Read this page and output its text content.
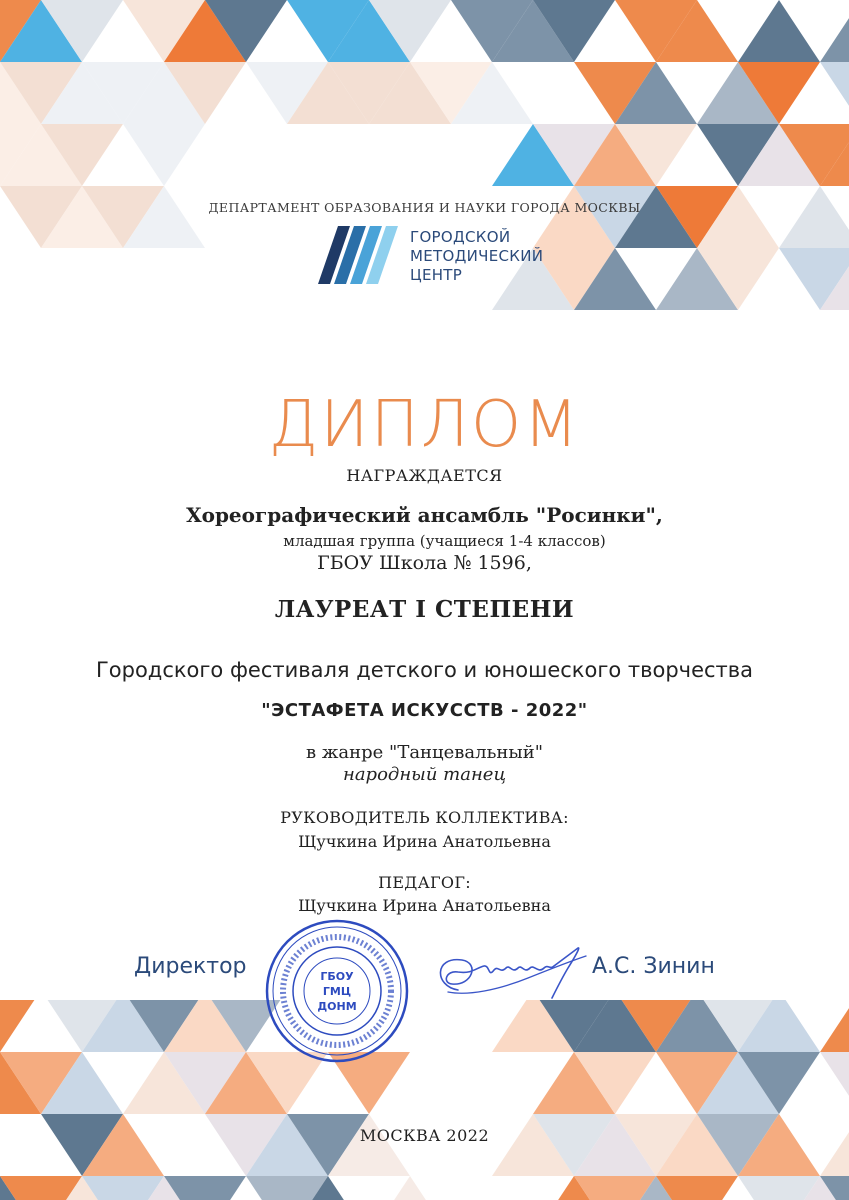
ДЕПАРТАМЕНТ ОБРАЗОВАНИЯ И НАУКИ ГОРОДА МОСКВЫ
ГОРОДСКОЙ
МЕТОДИЧЕСКИЙ
ЦЕНТР
ДИПЛОМ
НАГРАЖДАЕТСЯ
Хореографический ансамбль "Росинки",
младшая группа (учащиеся 1-4 классов)
ГБОУ Школа № 1596,
ЛАУРЕАТ I СТЕПЕНИ
Городского фестиваля детского и юношеского творчества
"ЭСТАФЕТА ИСКУССТВ - 2022"
в жанре "Танцевальный"
народный танец
РУКОВОДИТЕЛЬ КОЛЛЕКТИВА:
Щучкина Ирина Анатольевна
ПЕДАГОГ:
Щучкина Ирина Анатольевна
Директор	ГБОУ
ГМЦ
ДОНМ
А.С. Зинин
МОСКВА 2022
